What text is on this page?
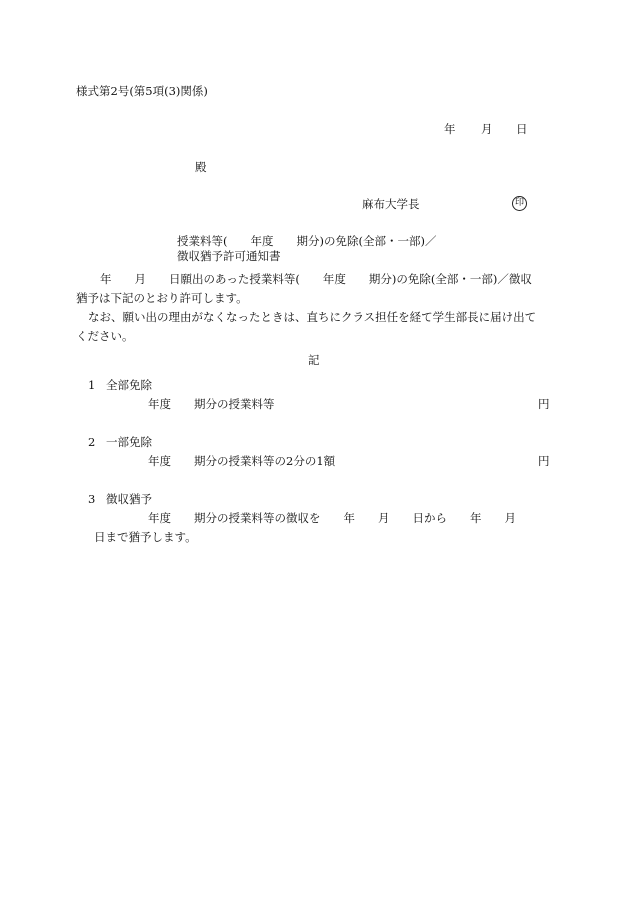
様式第2号(第5項(3)関係)
年 月 日
殿
麻布大学長	印
授業料等(　　年度　　期分)の免除(全部・一部)／
徴収猶予許可通知書
年　　月　　日願出のあった授業料等(　　年度　　期分)の免除(全部・一部)／徴収
猶予は下記のとおり許可します。
なお、願い出の理由がなくなったときは、直ちにクラス担任を経て学生部長に届け出て
ください。
記
1 全部免除
年度　　期分の授業料等	円
2 一部免除
年度　　期分の授業料等の2分の1額	円
3 徴収猶予
年度　　期分の授業料等の徴収を　　年　　月　　日から　　年　　月
日まで猶予します。
